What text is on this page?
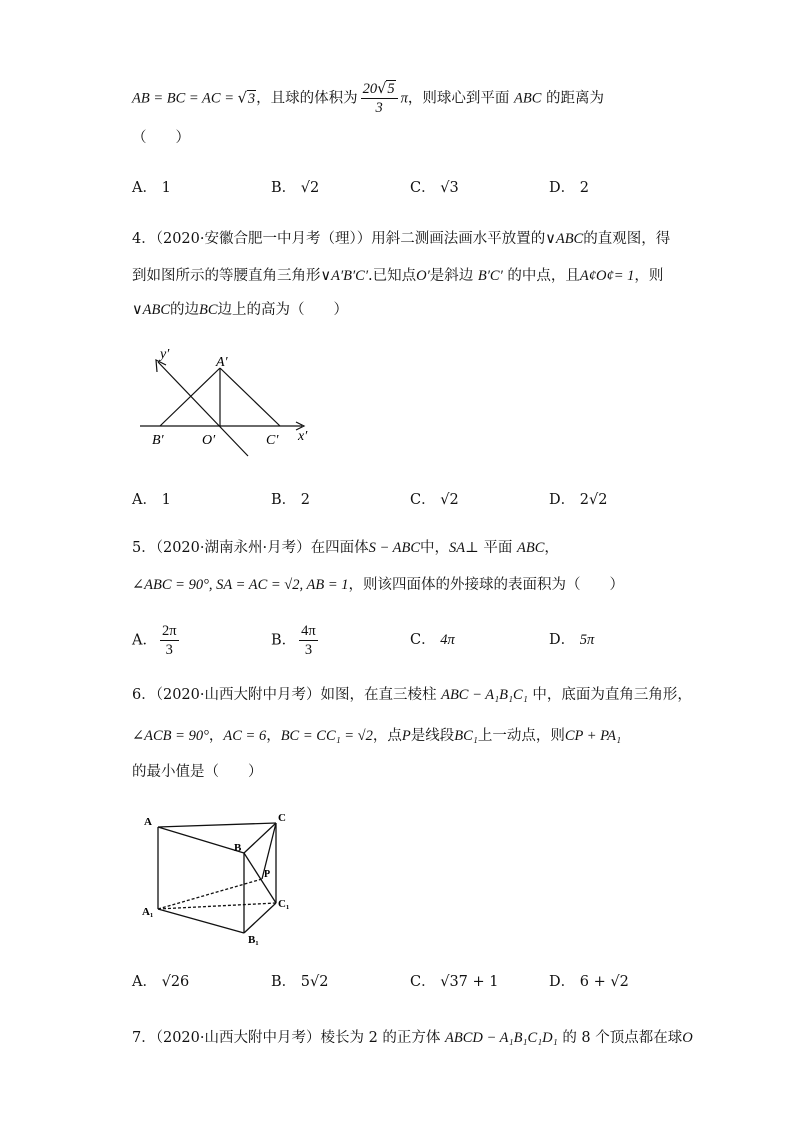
AB = BC = AC = √3，且球的体积为 $\frac{20√5}{3}$ π，则球心到平面 ABC 的距离为
（　　）
A． 1	B． √2	C． √3	D． 2
4．（2020·安徽合肥一中月考（理））用斜二测画法画水平放置的∨ABC的直观图，得
到如图所示的等腰直角三角形∨A′B′C′.已知点O′是斜边 B′C′ 的中点，且A¢O¢= 1，则
∨ABC的边BC边上的高为（　　）
y′
A′
B′	O′	C′ x′
A． 1	B． 2	C． √2	D． 2√2
5．（2020·湖南永州·月考）在四面体S − ABC中，SA⊥ 平面 ABC，
∠ABC = 90°, SA = AC = √2, AB = 1，则该四面体的外接球的表面积为（　　）
A． $\frac{2\pi}{3}$	B． $\frac{4\pi}{3}$	C． 4π	D． 5π
6．（2020·山西大附中月考）如图，在直三棱柱 ABC − A₁B₁C₁ 中，底面为直角三角形，
∠ACB = 90°，AC = 6，BC = CC₁ = √2，点P是线段BC₁上一动点，则CP + PA₁
的最小值是（　　）
A	C
B
P
A₁
C₁
B₁
A． √26	B． 5√2	C． √37 + 1	D． 6 + √2
7．（2020·山西大附中月考）棱长为 2 的正方体 ABCD − A₁B₁C₁D₁ 的 8 个顶点都在球O
